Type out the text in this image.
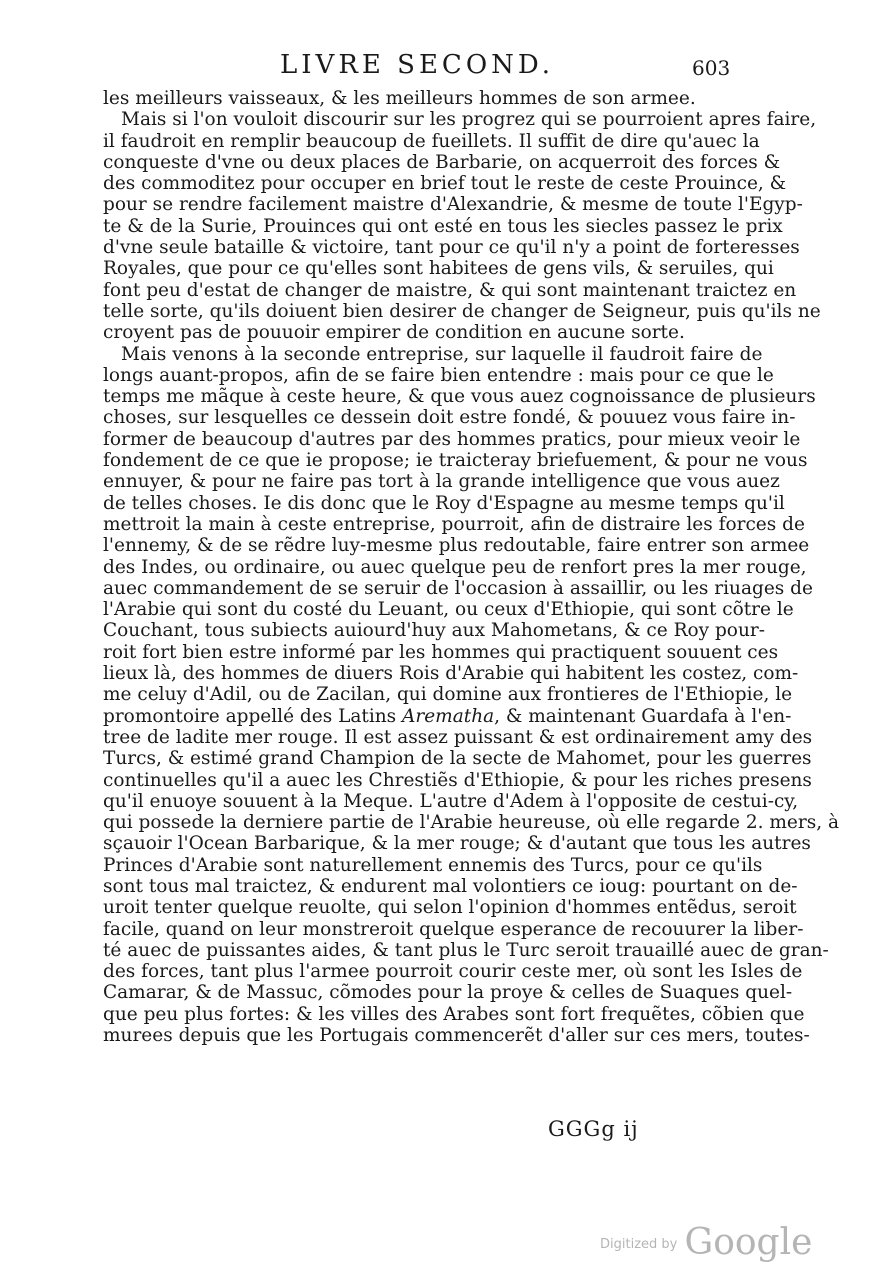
LIVRE SECOND.	603
les meilleurs vaisseaux, & les meilleurs hommes de son armee.
Mais si l'on vouloit discourir sur les progrez qui se pourroient apres faire,
il faudroit en remplir beaucoup de fueillets. Il suffit de dire qu'auec la
conqueste d'vne ou deux places de Barbarie, on acquerroit des forces &
des commoditez pour occuper en brief tout le reste de ceste Prouince, &
pour se rendre facilement maistre d'Alexandrie, & mesme de toute l'Egyp-
te & de la Surie, Prouinces qui ont esté en tous les siecles passez le prix
d'vne seule bataille & victoire, tant pour ce qu'il n'y a point de forteresses
Royales, que pour ce qu'elles sont habitees de gens vils, & seruiles, qui
font peu d'estat de changer de maistre, & qui sont maintenant traictez en
telle sorte, qu'ils doiuent bien desirer de changer de Seigneur, puis qu'ils ne
croyent pas de pouuoir empirer de condition en aucune sorte.
Mais venons à la seconde entreprise, sur laquelle il faudroit faire de
longs auant-propos, afin de se faire bien entendre : mais pour ce que le
temps me mãque à ceste heure, & que vous auez cognoissance de plusieurs
choses, sur lesquelles ce dessein doit estre fondé, & pouuez vous faire in-
former de beaucoup d'autres par des hommes pratics, pour mieux veoir le
fondement de ce que ie propose; ie traicteray briefuement, & pour ne vous
ennuyer, & pour ne faire pas tort à la grande intelligence que vous auez
de telles choses. Ie dis donc que le Roy d'Espagne au mesme temps qu'il
mettroit la main à ceste entreprise, pourroit, afin de distraire les forces de
l'ennemy, & de se rẽdre luy-mesme plus redoutable, faire entrer son armee
des Indes, ou ordinaire, ou auec quelque peu de renfort pres la mer rouge,
auec commandement de se seruir de l'occasion à assaillir, ou les riuages de
l'Arabie qui sont du costé du Leuant, ou ceux d'Ethiopie, qui sont cõtre le
Couchant, tous subiects auiourd'huy aux Mahometans, & ce Roy pour-
roit fort bien estre informé par les hommes qui practiquent souuent ces
lieux là, des hommes de diuers Rois d'Arabie qui habitent les costez, com-
me celuy d'Adil, ou de Zacilan, qui domine aux frontieres de l'Ethiopie, le
promontoire appellé des Latins Arematha, & maintenant Guardafa à l'en-
tree de ladite mer rouge. Il est assez puissant & est ordinairement amy des
Turcs, & estimé grand Champion de la secte de Mahomet, pour les guerres
continuelles qu'il a auec les Chrestiẽs d'Ethiopie, & pour les riches presens
qu'il enuoye souuent à la Meque. L'autre d'Adem à l'opposite de cestui-cy,
qui possede la derniere partie de l'Arabie heureuse, où elle regarde 2. mers, à
sçauoir l'Ocean Barbarique, & la mer rouge; & d'autant que tous les autres
Princes d'Arabie sont naturellement ennemis des Turcs, pour ce qu'ils
sont tous mal traictez, & endurent mal volontiers ce ioug: pourtant on de-
uroit tenter quelque reuolte, qui selon l'opinion d'hommes entẽdus, seroit
facile, quand on leur monstreroit quelque esperance de recouurer la liber-
té auec de puissantes aides, & tant plus le Turc seroit trauaillé auec de gran-
des forces, tant plus l'armee pourroit courir ceste mer, où sont les Isles de
Camarar, & de Massuc, cõmodes pour la proye & celles de Suaques quel-
que peu plus fortes: & les villes des Arabes sont fort frequẽtes, cõbien que
murees depuis que les Portugais commencerẽt d'aller sur ces mers, toutes-
GGGg ij
$^{Digitized by}$ Google
